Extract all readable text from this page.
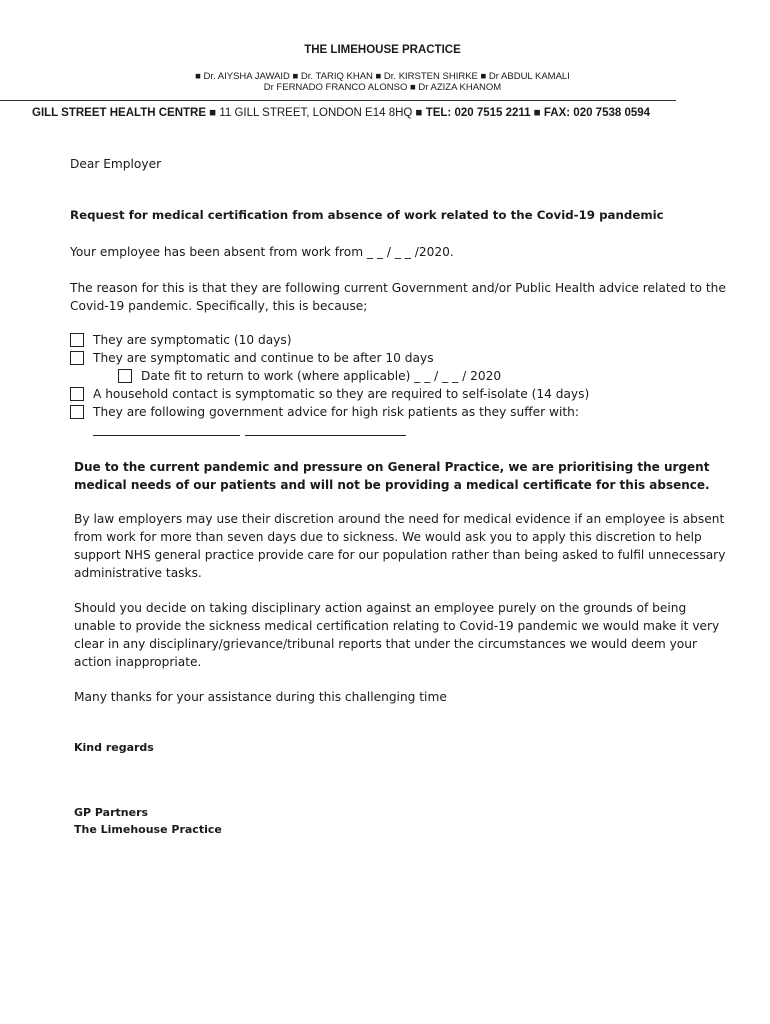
THE LIMEHOUSE PRACTICE
■ Dr. AIYSHA JAWAID ■ Dr. TARIQ KHAN ■ Dr. KIRSTEN SHIRKE ■ Dr ABDUL KAMALI
Dr FERNADO FRANCO ALONSO ■ Dr AZIZA KHANOM
GILL STREET HEALTH CENTRE ■ 11 GILL STREET, LONDON E14 8HQ ■ TEL: 020 7515 2211 ■ FAX: 020 7538 0594
Dear Employer
Request for medical certification from absence of work related to the Covid-19 pandemic
Your employee has been absent from work from _ _ / _ _ /2020.
The reason for this is that they are following current Government and/or Public Health advice related to the Covid-19 pandemic. Specifically, this is because;
They are symptomatic (10 days)
They are symptomatic and continue to be after 10 days
Date fit to return to work (where applicable) _ _ / _ _ / 2020
A household contact is symptomatic so they are required to self-isolate (14 days)
They are following government advice for high risk patients as they suffer with:
Due to the current pandemic and pressure on General Practice, we are prioritising the urgent medical needs of our patients and will not be providing a medical certificate for this absence.
By law employers may use their discretion around the need for medical evidence if an employee is absent from work for more than seven days due to sickness. We would ask you to apply this discretion to help support NHS general practice provide care for our population rather than being asked to fulfil unnecessary administrative tasks.
Should you decide on taking disciplinary action against an employee purely on the grounds of being unable to provide the sickness medical certification relating to Covid-19 pandemic we would make it very clear in any disciplinary/grievance/tribunal reports that under the circumstances we would deem your action inappropriate.
Many thanks for your assistance during this challenging time
Kind regards
GP Partners
The Limehouse Practice
